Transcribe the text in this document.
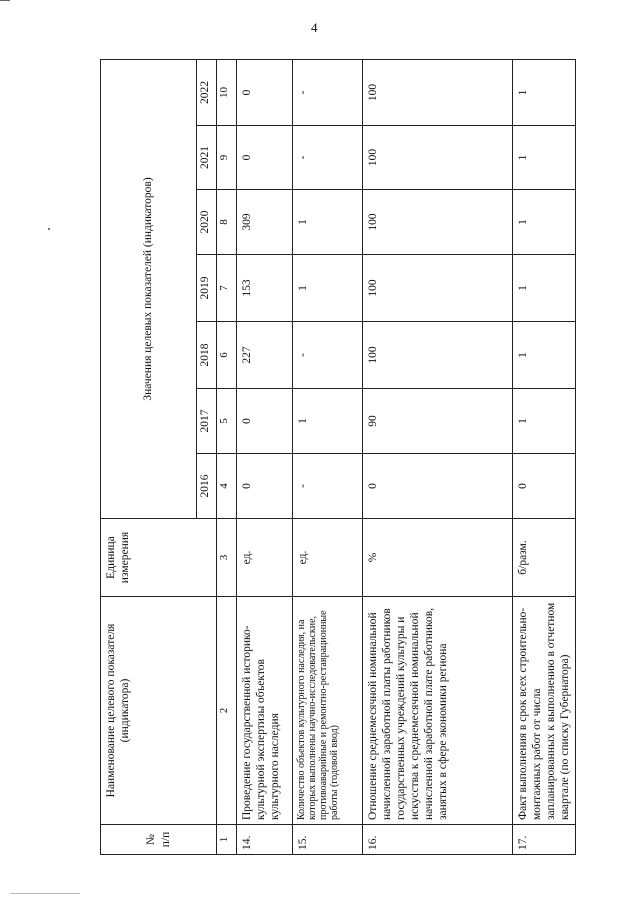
4
№ п/п	Наименование целевого показателя (индикатора)	Единица измерения	Значения целевых показателей (индикаторов)						
			2016	2017	2018	2019	2020	2021	2022
1	2	3	4	5	6	7	8	9	10
14.	Проведение государственной историко-культурной экспертизы объектов культурного наследия	ед.	0	0	227	153	309	0	0
15.	Количество объектов культурного наследия, на которых выполнены научно-исследовательские, противоаварийные и ремонтно-реставрационные работы (годовой ввод)	ед.	-	1	-	1	1	-	-
16.	Отношение среднемесячной номинальной начисленной заработной платы работников государственных учреждений культуры и искусства к среднемесячной номинальной начисленной заработной плате работников, занятых в сфере экономики региона	%	0	90	100	100	100	100	100
17.	Факт выполнения в срок всех строительно-монтажных работ от числа запланированных к выполнению в отчетном квартале (по списку Губернатора)	б/разм.	0	1	1	1	1	1	1
